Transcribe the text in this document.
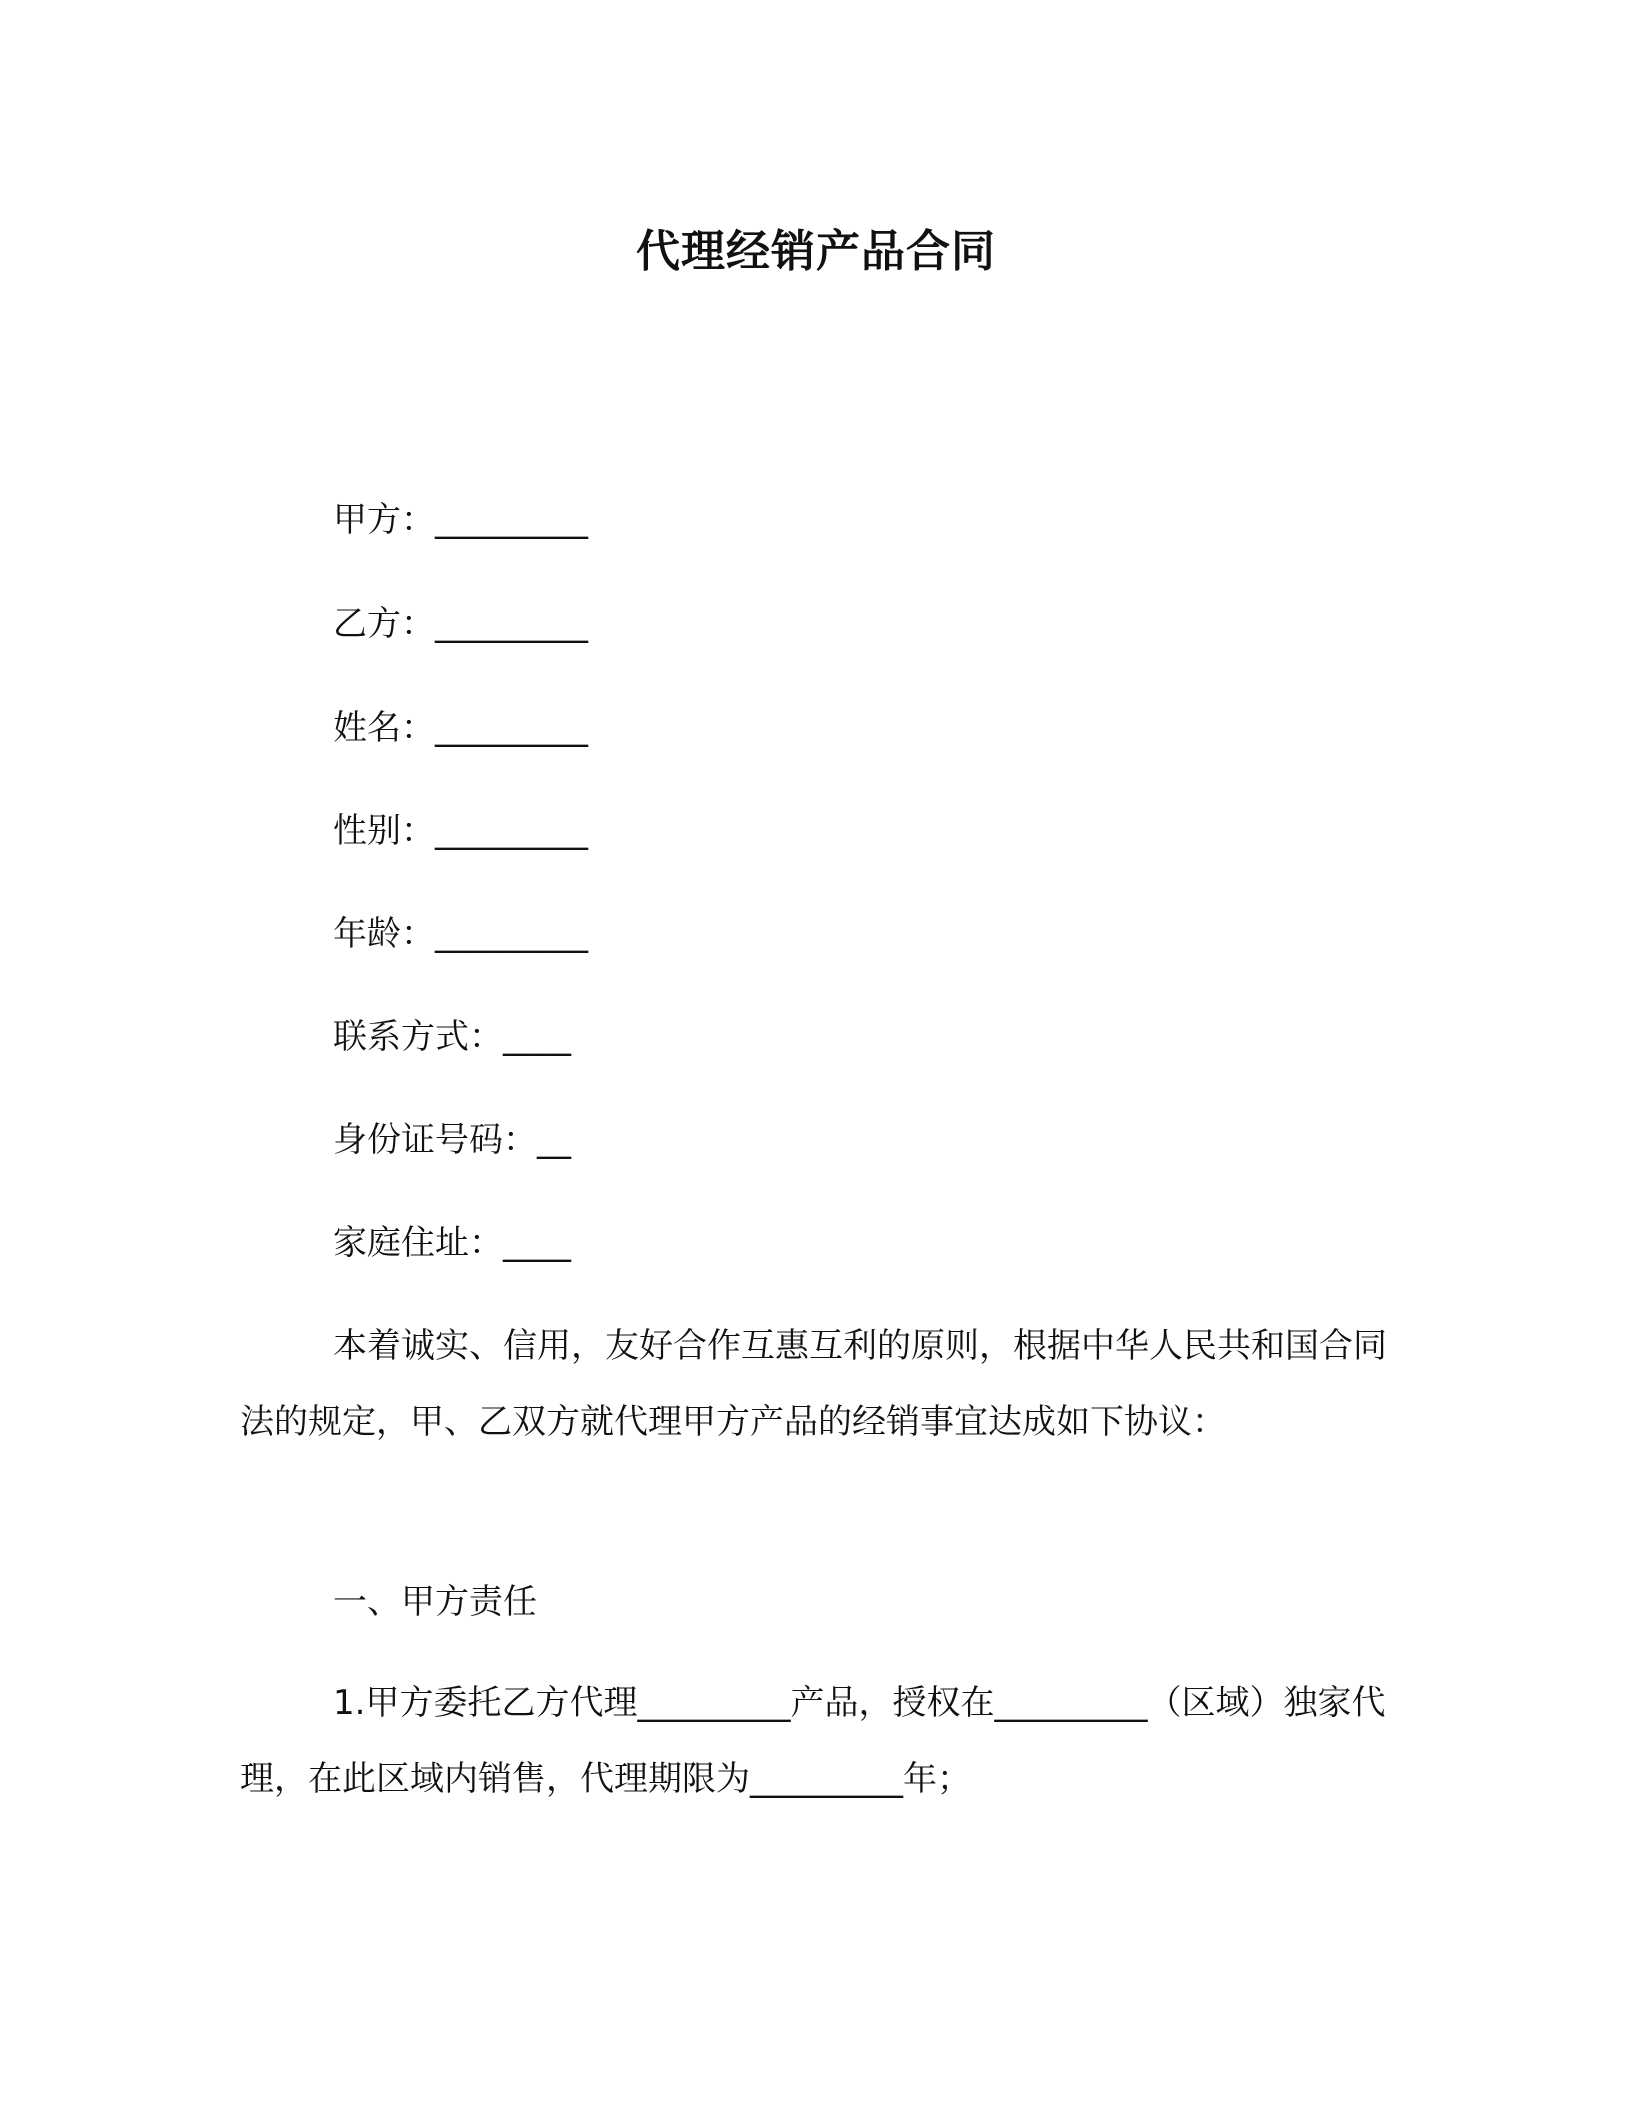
代理经销产品合同
甲方：_________
乙方：_________
姓名：_________
性别：_________
年龄：_________
联系方式：____
身份证号码：__
家庭住址：____
本着诚实、信用，友好合作互惠互利的原则，根据中华人民共和国合同法的规定，甲、乙双方就代理甲方产品的经销事宜达成如下协议：
一、甲方责任
1.甲方委托乙方代理_________产品，授权在_________（区域）独家代理，在此区域内销售，代理期限为_________年；
